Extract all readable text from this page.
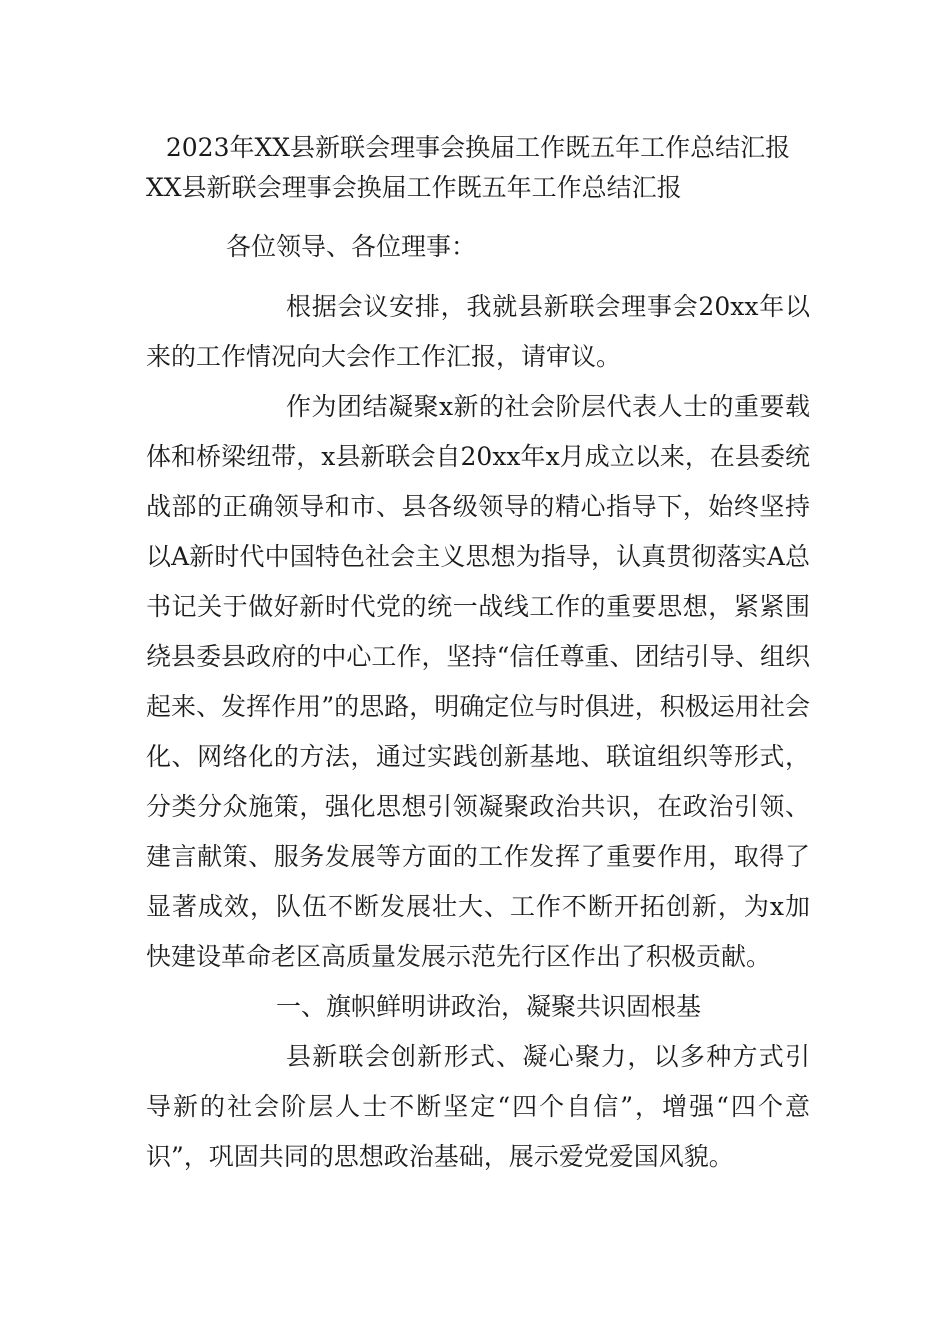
2023年XX县新联会理事会换届工作既五年工作总结汇报

XX县新联会理事会换届工作既五年工作总结汇报

各位领导、各位理事：

根据会议安排，我就县新联会理事会20xx年以来的工作情况向大会作工作汇报，请审议。

作为团结凝聚x新的社会阶层代表人士的重要载体和桥梁纽带，x县新联会自20xx年x月成立以来，在县委统战部的正确领导和市、县各级领导的精心指导下，始终坚持以A新时代中国特色社会主义思想为指导，认真贯彻落实A总书记关于做好新时代党的统一战线工作的重要思想，紧紧围绕县委县政府的中心工作，坚持“信任尊重、团结引导、组织起来、发挥作用”的思路，明确定位与时俱进，积极运用社会化、网络化的方法，通过实践创新基地、联谊组织等形式，分类分众施策，强化思想引领凝聚政治共识，在政治引领、建言献策、服务发展等方面的工作发挥了重要作用，取得了显著成效，队伍不断发展壮大、工作不断开拓创新，为x加快建设革命老区高质量发展示范先行区作出了积极贡献。

一、旗帜鲜明讲政治，凝聚共识固根基

县新联会创新形式、凝心聚力，以多种方式引导新的社会阶层人士不断坚定“四个自信”，增强“四个意识”，巩固共同的思想政治基础，展示爱党爱国风貌。
